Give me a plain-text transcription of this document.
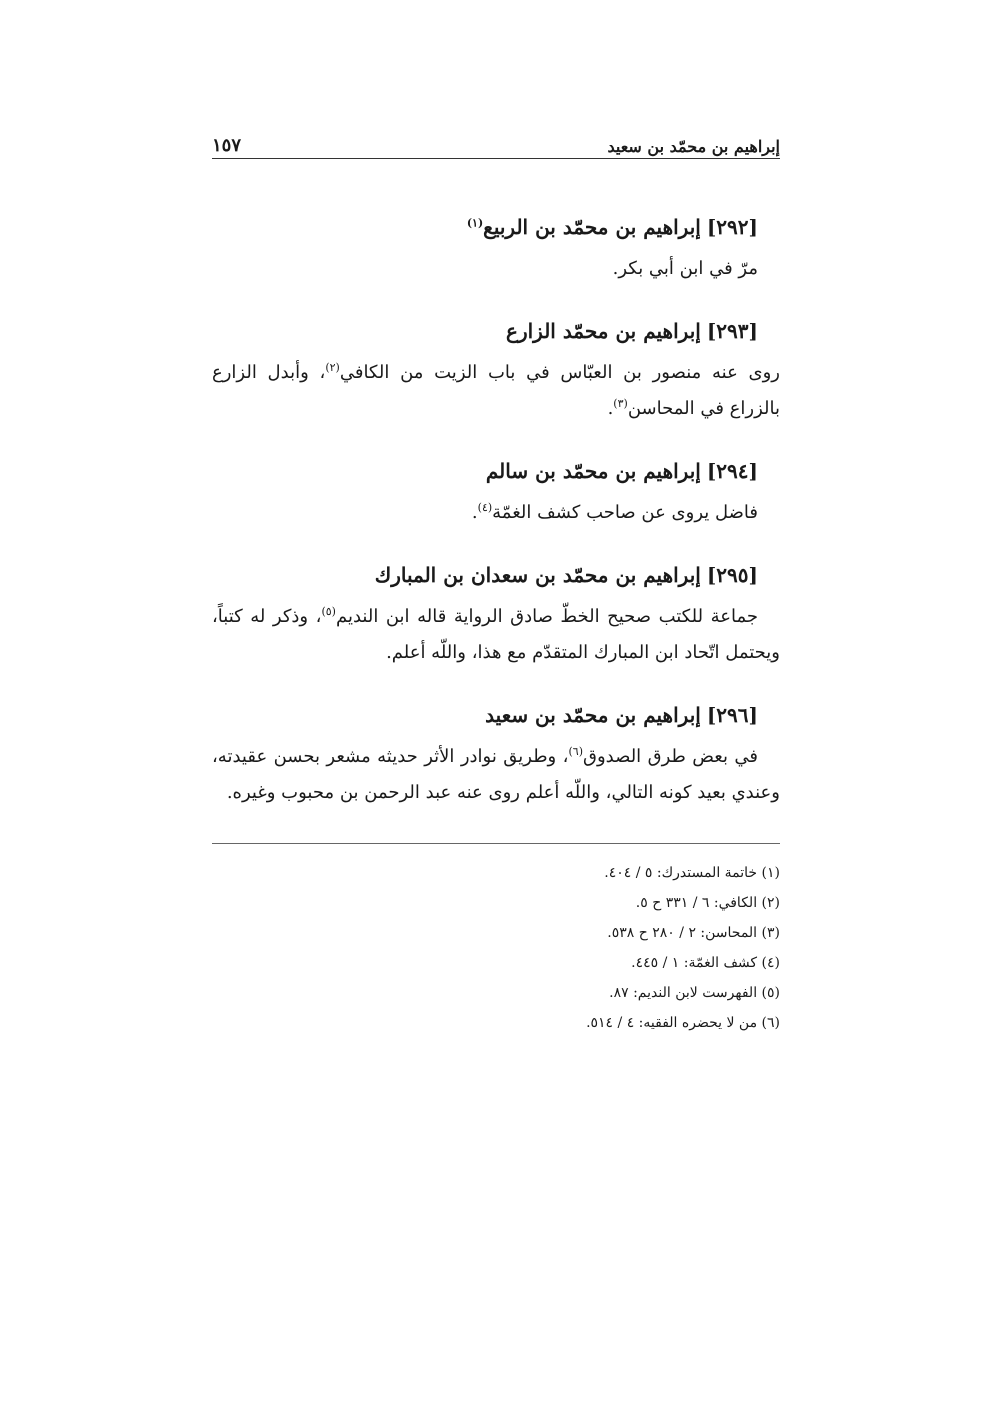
إبراهيم بن محمّد بن سعيد
١٥٧
[٢٩٢]إبراهيم بن محمّد بن الربيع$^{(١)}$

مرّ في ابن أبي بكر.

[٢٩٣]إبراهيم بن محمّد الزارع

روى عنه منصور بن العبّاس في باب الزيت من الكافي$^{(٢)}$، وأبدل الزارع بالزراع في المحاسن$^{(٣)}$.

[٢٩٤]إبراهيم بن محمّد بن سالم

فاضل يروى عن صاحب كشف الغمّة$^{(٤)}$.

[٢٩٥]إبراهيم بن محمّد بن سعدان بن المبارك

جماعة للكتب صحيح الخطّ صادق الرواية قاله ابن النديم$^{(٥)}$، وذكر له كتباً، ويحتمل اتّحاد ابن المبارك المتقدّم مع هذا، واللّه أعلم.

[٢٩٦]إبراهيم بن محمّد بن سعيد

في بعض طرق الصدوق$^{(٦)}$، وطريق نوادر الأثر حديثه مشعر بحسن عقيدته، وعندي بعيد كونه التالي، واللّه أعلم روى عنه عبد الرحمن بن محبوب وغيره.

(١) خاتمة المستدرك: ٥ / ٤٠٤.
(٢) الكافي: ٦ / ٣٣١ ح ٥.
(٣) المحاسن: ٢ / ٢٨٠ ح ٥٣٨.
(٤) كشف الغمّة: ١ / ٤٤٥.
(٥) الفهرست لابن النديم: ٨٧.
(٦) من لا يحضره الفقيه: ٤ / ٥١٤.
